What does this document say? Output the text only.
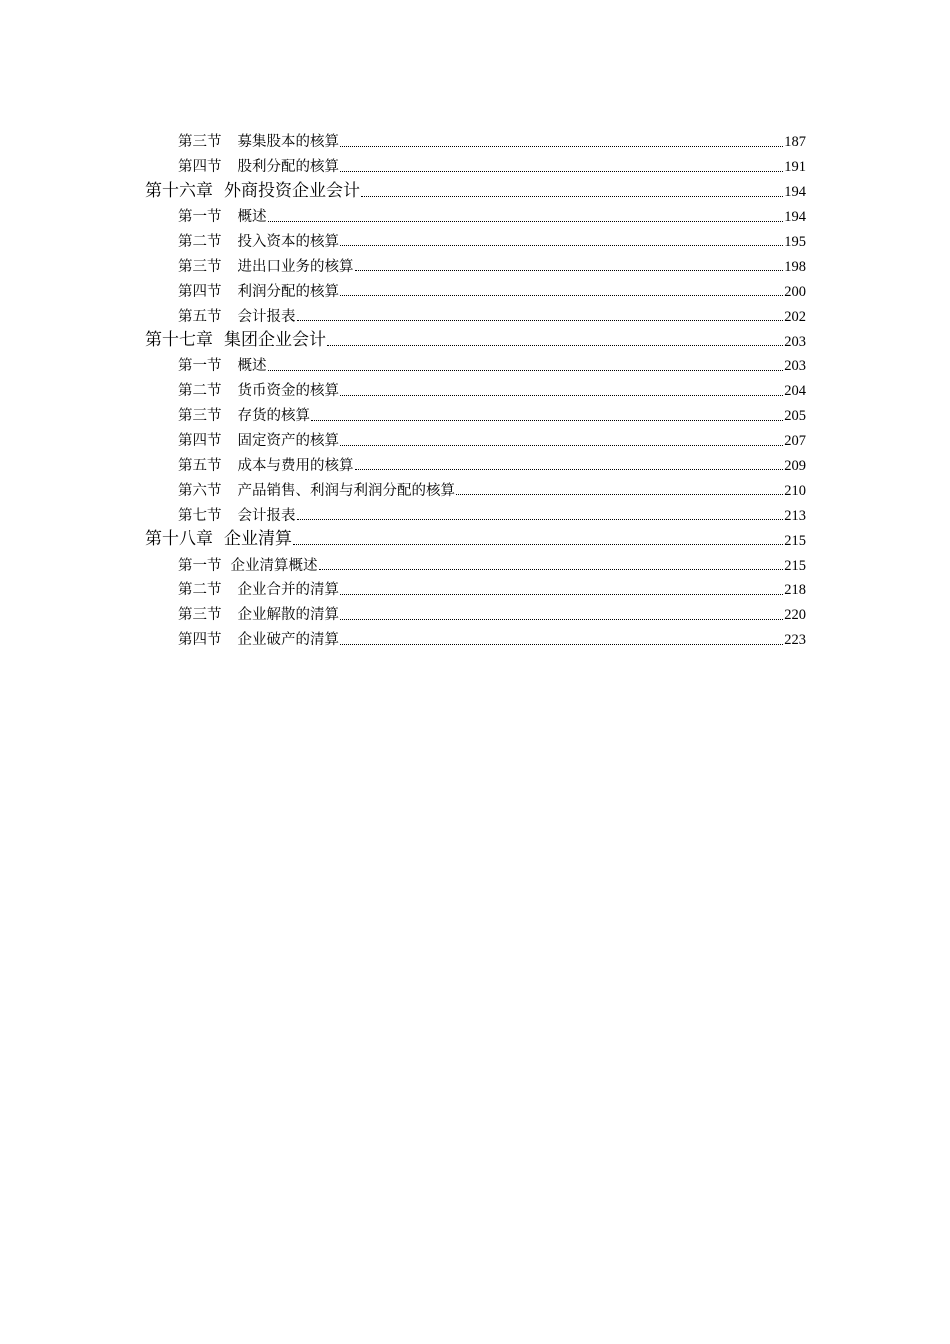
第三节 募集股本的核算	187
第四节 股利分配的核算	191
第十六章 外商投资企业会计	194
第一节 概述	194
第二节 投入资本的核算	195
第三节 进出口业务的核算	198
第四节 利润分配的核算	200
第五节 会计报表	202
第十七章 集团企业会计	203
第一节 概述	203
第二节 货币资金的核算	204
第三节 存货的核算	205
第四节 固定资产的核算	207
第五节 成本与费用的核算	209
第六节 产品销售、利润与利润分配的核算	210
第七节 会计报表	213
第十八章 企业清算	215
第一节 企业清算概述	215
第二节 企业合并的清算	218
第三节 企业解散的清算	220
第四节 企业破产的清算	223
